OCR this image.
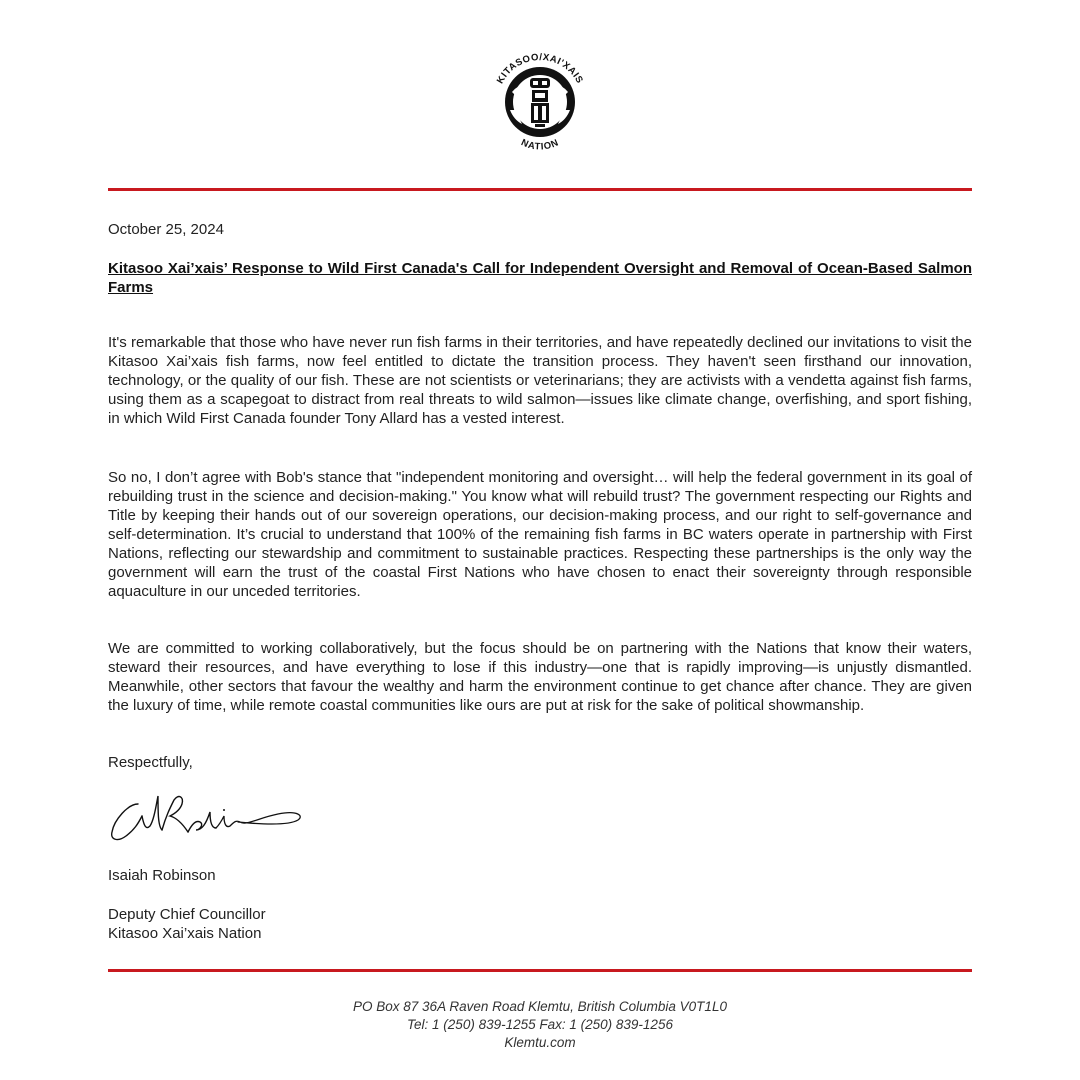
KITASOO/XAI'XAIS
NATION

October 25, 2024

Kitasoo Xai’xais’ Response to Wild First Canada's Call for Independent Oversight and Removal of Ocean-Based Salmon Farms

It's remarkable that those who have never run fish farms in their territories, and have repeatedly declined our invitations to visit the Kitasoo Xai’xais fish farms, now feel entitled to dictate the transition process. They haven't seen firsthand our innovation, technology, or the quality of our fish. These are not scientists or veterinarians; they are activists with a vendetta against fish farms, using them as a scapegoat to distract from real threats to wild salmon—issues like climate change, overfishing, and sport fishing, in which Wild First Canada founder Tony Allard has a vested interest.

So no, I don’t agree with Bob's stance that "independent monitoring and oversight… will help the federal government in its goal of rebuilding trust in the science and decision-making." You know what will rebuild trust? The government respecting our Rights and Title by keeping their hands out of our sovereign operations, our decision-making process, and our right to self-governance and self-determination. It’s crucial to understand that 100% of the remaining fish farms in BC waters operate in partnership with First Nations, reflecting our stewardship and commitment to sustainable practices. Respecting these partnerships is the only way the government will earn the trust of the coastal First Nations who have chosen to enact their sovereignty through responsible aquaculture in our unceded territories.

We are committed to working collaboratively, but the focus should be on partnering with the Nations that know their waters, steward their resources, and have everything to lose if this industry—one that is rapidly improving—is unjustly dismantled. Meanwhile, other sectors that favour the wealthy and harm the environment continue to get chance after chance. They are given the luxury of time, while remote coastal communities like ours are put at risk for the sake of political showmanship.

Respectfully,

Isaiah Robinson

Deputy Chief Councillor

Kitasoo Xai’xais Nation

PO Box 87 36A Raven Road Klemtu, British Columbia V0T1L0
Tel: 1 (250) 839-1255 Fax: 1 (250) 839-1256
Klemtu.com
